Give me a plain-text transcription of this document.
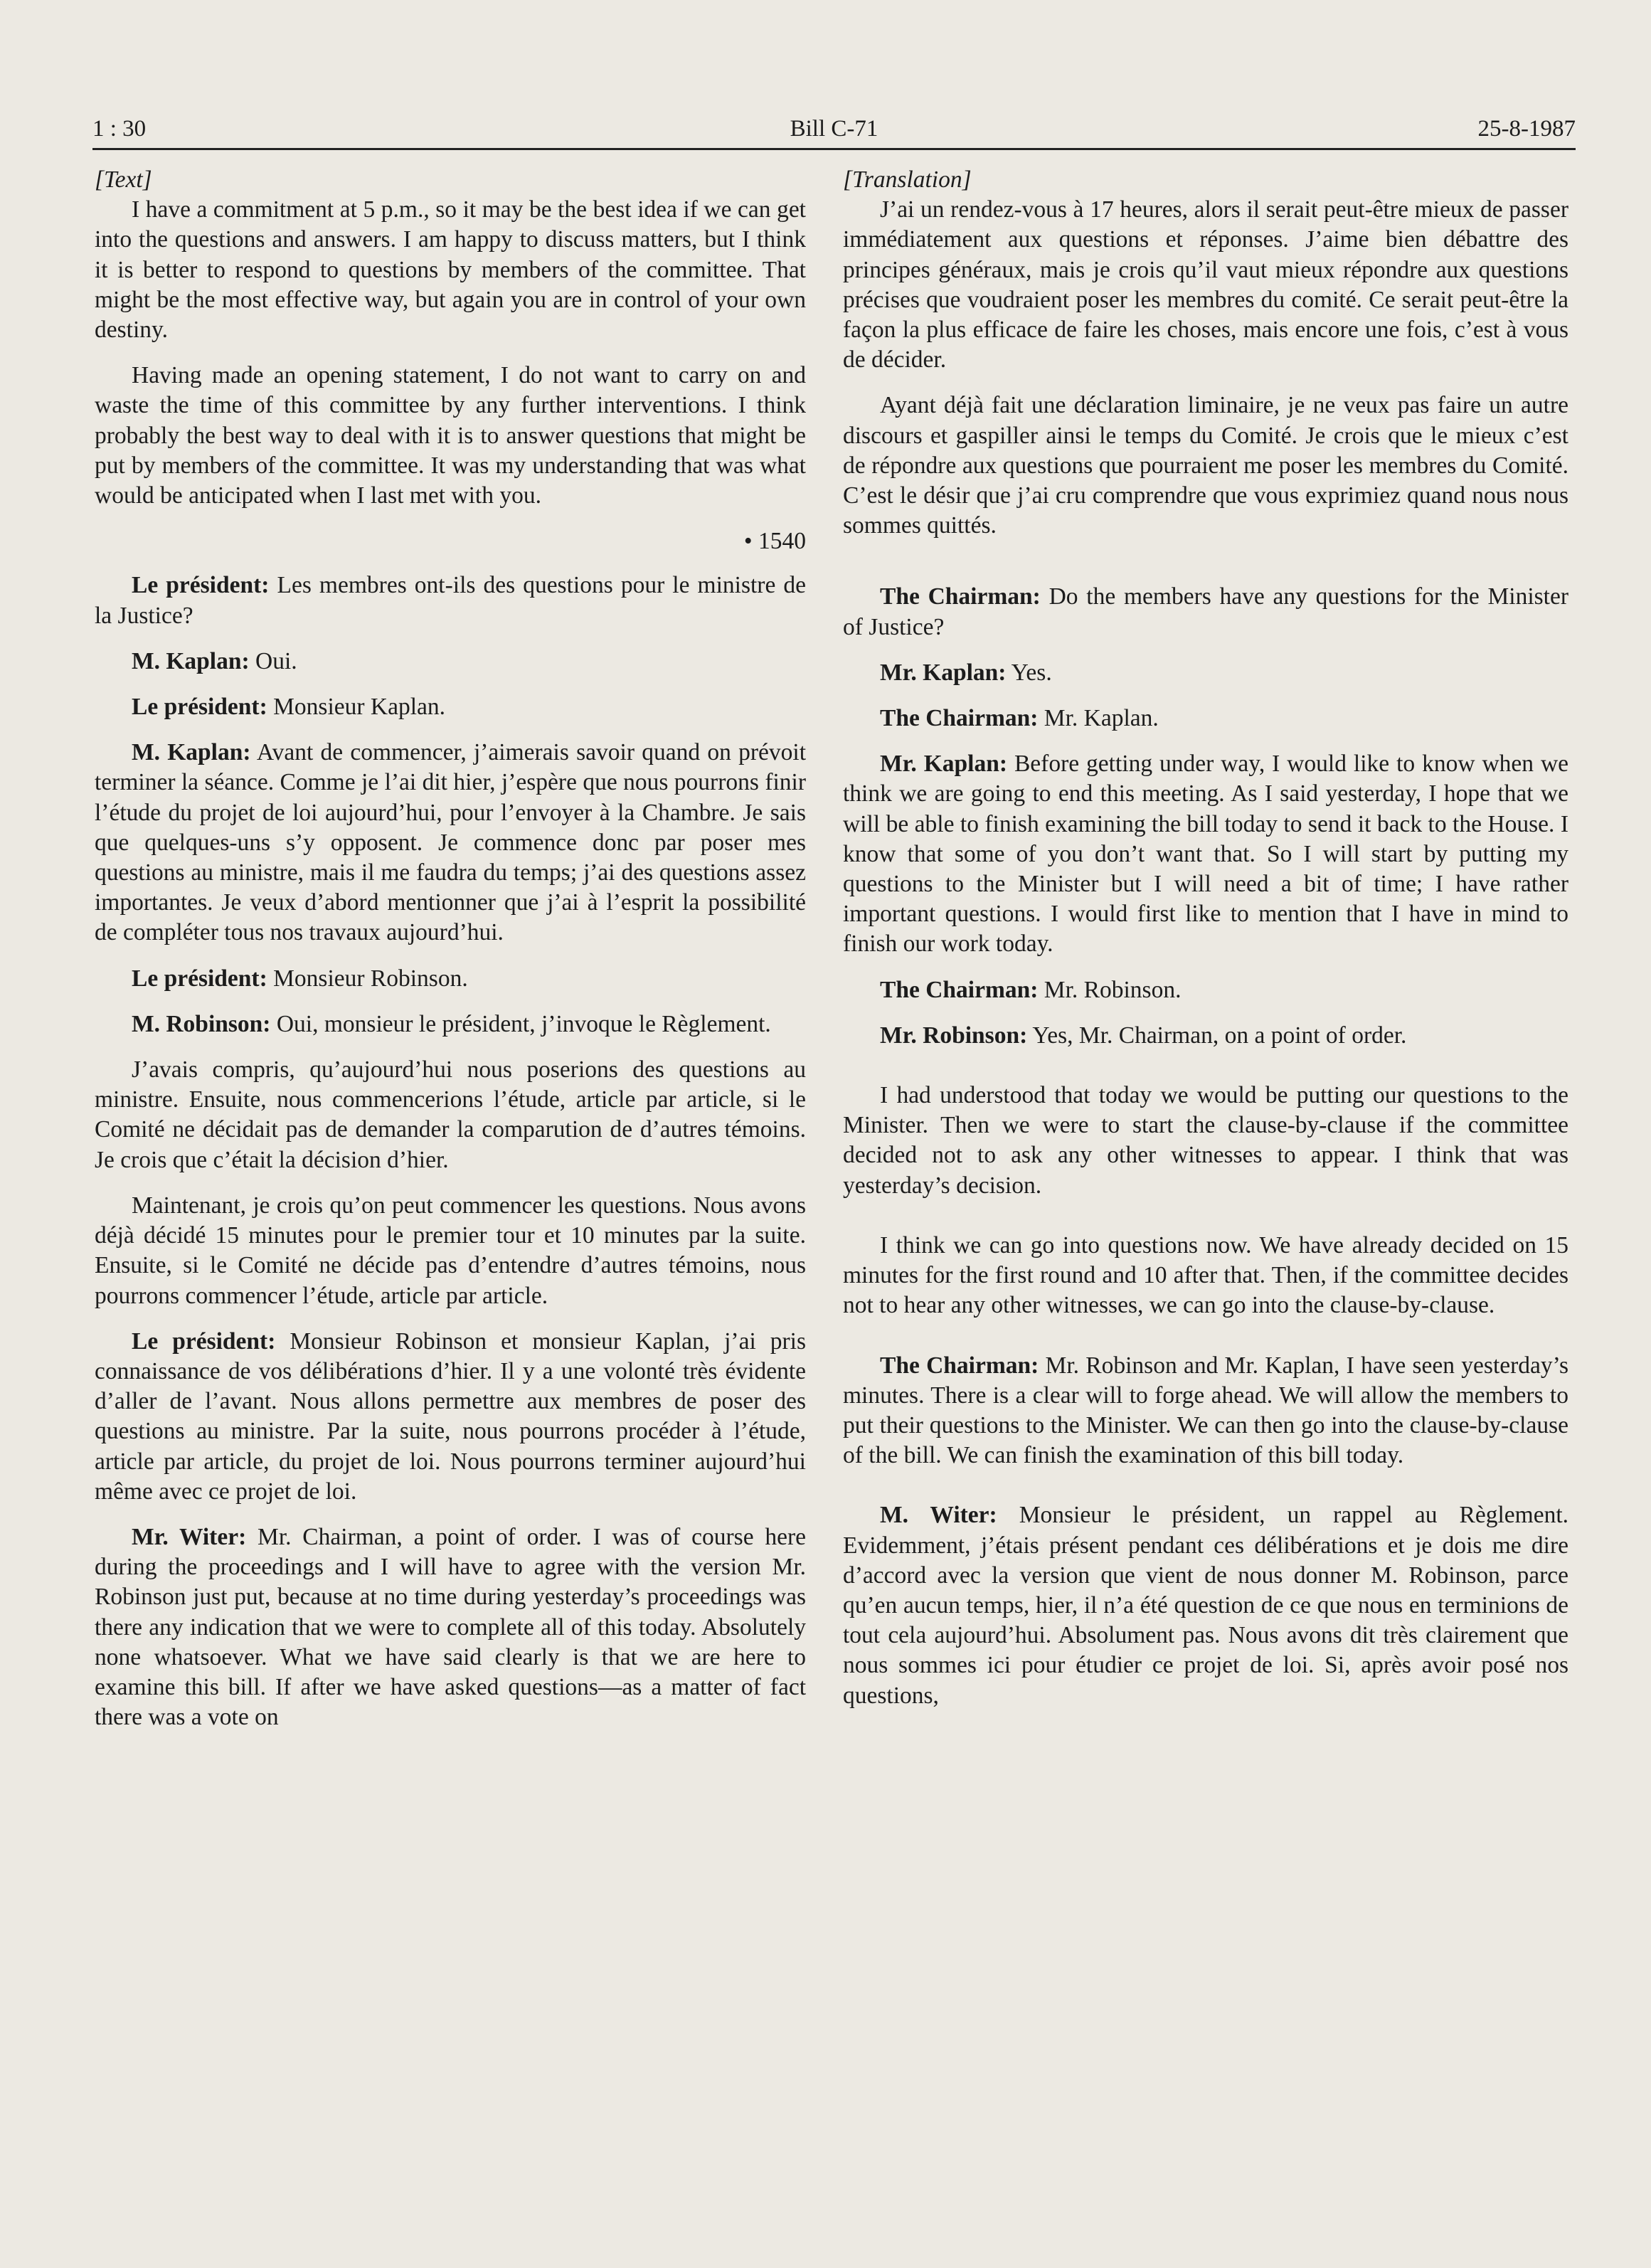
1 : 30	Bill C-71	25-8-1987

[Text]

I have a commitment at 5 p.m., so it may be the best idea if we can get into the questions and answers. I am happy to discuss matters, but I think it is better to respond to questions by members of the committee. That might be the most effective way, but again you are in control of your own destiny.

Having made an opening statement, I do not want to carry on and waste the time of this committee by any further interventions. I think probably the best way to deal with it is to answer questions that might be put by members of the committee. It was my understanding that was what would be anticipated when I last met with you.

• 1540

Le président: Les membres ont-ils des questions pour le ministre de la Justice?

M. Kaplan: Oui.

Le président: Monsieur Kaplan.

M. Kaplan: Avant de commencer, j’aimerais savoir quand on prévoit terminer la séance. Comme je l’ai dit hier, j’espère que nous pourrons finir l’étude du projet de loi aujourd’hui, pour l’envoyer à la Chambre. Je sais que quelques-uns s’y opposent. Je commence donc par poser mes questions au ministre, mais il me faudra du temps; j’ai des questions assez importantes. Je veux d’abord mentionner que j’ai à l’esprit la possibilité de compléter tous nos travaux aujourd’hui.

Le président: Monsieur Robinson.

M. Robinson: Oui, monsieur le président, j’invoque le Règlement.

J’avais compris, qu’aujourd’hui nous poserions des questions au ministre. Ensuite, nous commencerions l’étude, article par article, si le Comité ne décidait pas de demander la comparution de d’autres témoins. Je crois que c’était la décision d’hier.

Maintenant, je crois qu’on peut commencer les questions. Nous avons déjà décidé 15 minutes pour le premier tour et 10 minutes par la suite. Ensuite, si le Comité ne décide pas d’entendre d’autres témoins, nous pourrons commencer l’étude, article par article.

Le président: Monsieur Robinson et monsieur Kaplan, j’ai pris connaissance de vos délibérations d’hier. Il y a une volonté très évidente d’aller de l’avant. Nous allons permettre aux membres de poser des questions au ministre. Par la suite, nous pourrons procéder à l’étude, article par article, du projet de loi. Nous pourrons terminer aujourd’hui même avec ce projet de loi.

Mr. Witer: Mr. Chairman, a point of order. I was of course here during the proceedings and I will have to agree with the version Mr. Robinson just put, because at no time during yesterday’s proceedings was there any indication that we were to complete all of this today. Absolutely none whatsoever. What we have said clearly is that we are here to examine this bill. If after we have asked questions—as a matter of fact there was a vote on

[Translation]

J’ai un rendez-vous à 17 heures, alors il serait peut-être mieux de passer immédiatement aux questions et réponses. J’aime bien débattre des principes généraux, mais je crois qu’il vaut mieux répondre aux questions précises que voudraient poser les membres du comité. Ce serait peut-être la façon la plus efficace de faire les choses, mais encore une fois, c’est à vous de décider.

Ayant déjà fait une déclaration liminaire, je ne veux pas faire un autre discours et gaspiller ainsi le temps du Comité. Je crois que le mieux c’est de répondre aux questions que pourraient me poser les membres du Comité. C’est le désir que j’ai cru comprendre que vous exprimiez quand nous nous sommes quittés.

The Chairman: Do the members have any questions for the Minister of Justice?

Mr. Kaplan: Yes.

The Chairman: Mr. Kaplan.

Mr. Kaplan: Before getting under way, I would like to know when we think we are going to end this meeting. As I said yesterday, I hope that we will be able to finish examining the bill today to send it back to the House. I know that some of you don’t want that. So I will start by putting my questions to the Minister but I will need a bit of time; I have rather important questions. I would first like to mention that I have in mind to finish our work today.

The Chairman: Mr. Robinson.

Mr. Robinson: Yes, Mr. Chairman, on a point of order.

I had understood that today we would be putting our questions to the Minister. Then we were to start the clause-by-clause if the committee decided not to ask any other witnesses to appear. I think that was yesterday’s decision.

I think we can go into questions now. We have already decided on 15 minutes for the first round and 10 after that. Then, if the committee decides not to hear any other witnesses, we can go into the clause-by-clause.

The Chairman: Mr. Robinson and Mr. Kaplan, I have seen yesterday’s minutes. There is a clear will to forge ahead. We will allow the members to put their questions to the Minister. We can then go into the clause-by-clause of the bill. We can finish the examination of this bill today.

M. Witer: Monsieur le président, un rappel au Règlement. Evidemment, j’étais présent pendant ces délibérations et je dois me dire d’accord avec la version que vient de nous donner M. Robinson, parce qu’en aucun temps, hier, il n’a été question de ce que nous en terminions de tout cela aujourd’hui. Absolument pas. Nous avons dit très clairement que nous sommes ici pour étudier ce projet de loi. Si, après avoir posé nos questions,
